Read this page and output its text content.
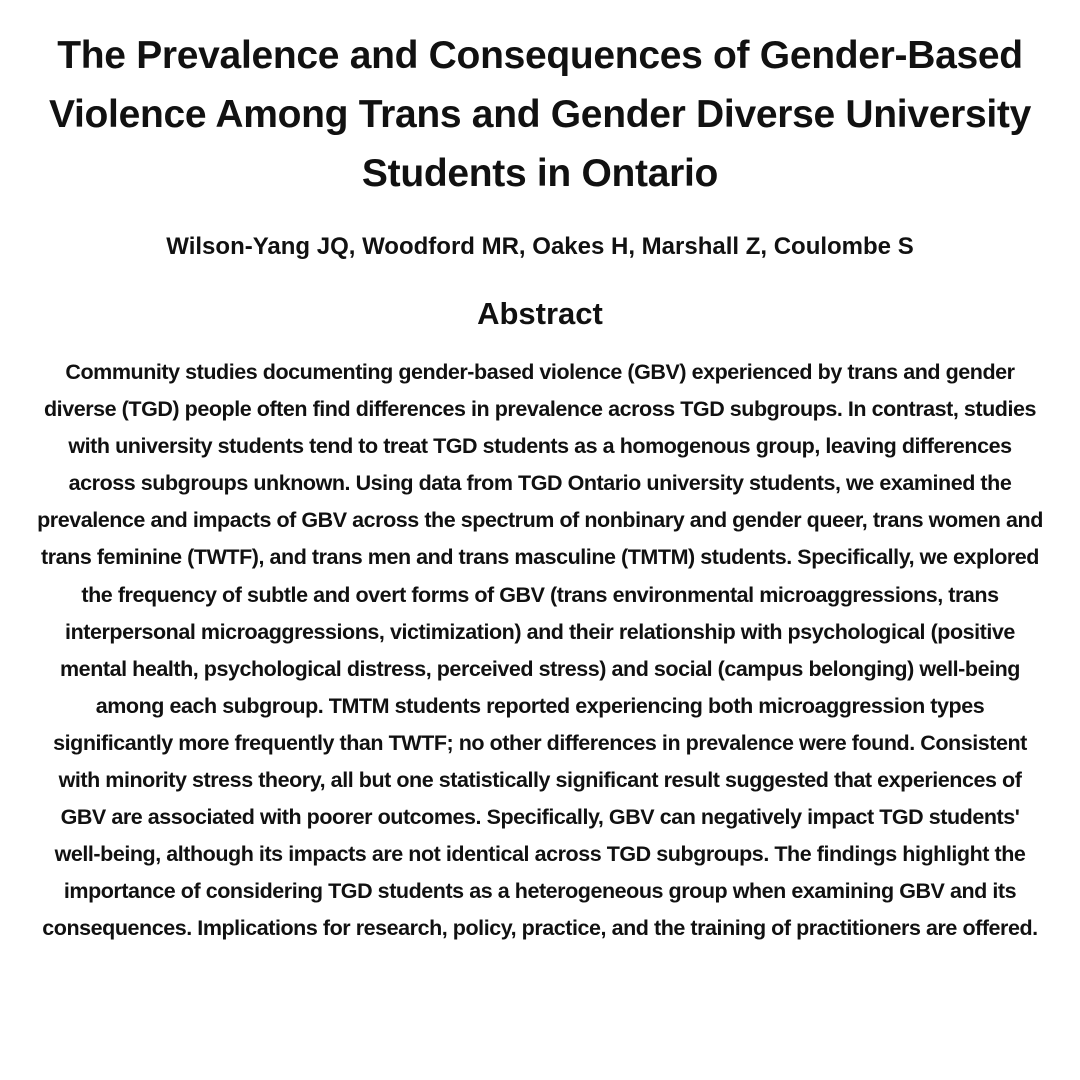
The Prevalence and Consequences of Gender-Based Violence Among Trans and Gender Diverse University Students in Ontario
Wilson-Yang JQ, Woodford MR, Oakes H, Marshall Z, Coulombe S
Abstract

Community studies documenting gender-based violence (GBV) experienced by trans and gender diverse (TGD) people often find differences in prevalence across TGD subgroups. In contrast, studies with university students tend to treat TGD students as a homogenous group, leaving differences across subgroups unknown. Using data from TGD Ontario university students, we examined the prevalence and impacts of GBV across the spectrum of nonbinary and gender queer, trans women and trans feminine (TWTF), and trans men and trans masculine (TMTM) students. Specifically, we explored the frequency of subtle and overt forms of GBV (trans environmental microaggressions, trans interpersonal microaggressions, victimization) and their relationship with psychological (positive mental health, psychological distress, perceived stress) and social (campus belonging) well-being among each subgroup. TMTM students reported experiencing both microaggression types significantly more frequently than TWTF; no other differences in prevalence were found. Consistent with minority stress theory, all but one statistically significant result suggested that experiences of GBV are associated with poorer outcomes. Specifically, GBV can negatively impact TGD students' well-being, although its impacts are not identical across TGD subgroups. The findings highlight the importance of considering TGD students as a heterogeneous group when examining GBV and its consequences. Implications for research, policy, practice, and the training of practitioners are offered.
